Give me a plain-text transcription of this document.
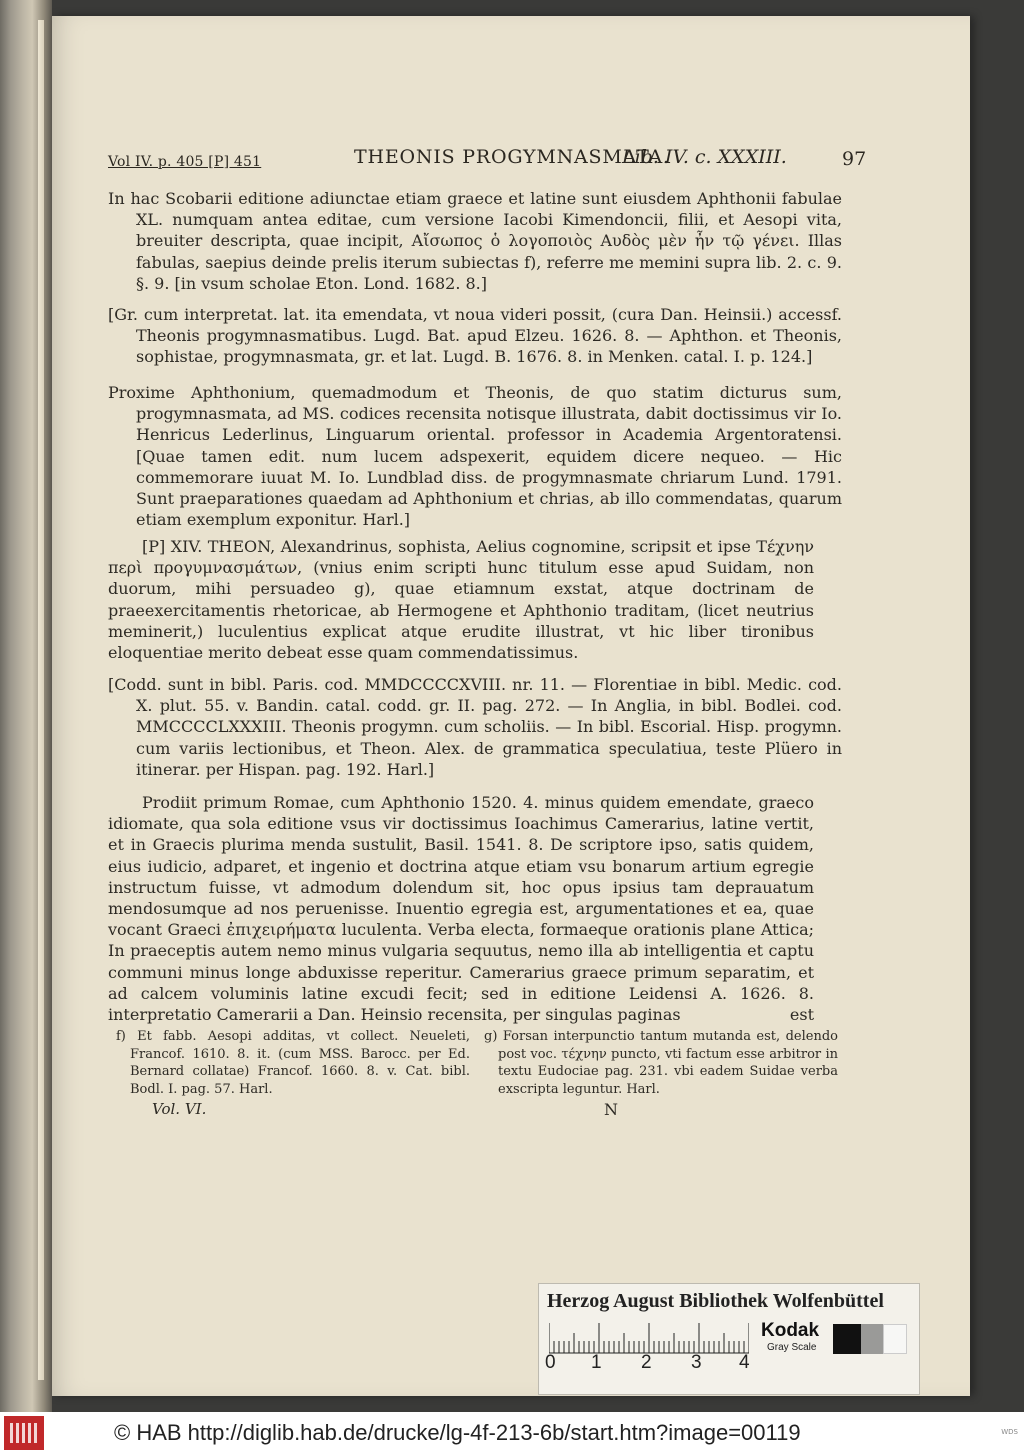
Vol IV. p. 405 [P] 451	THEONIS PROGYMNASMATA.
Lib. IV. c. XXXIII.	97

In hac Scobarii editione adiunctae etiam graece et latine sunt eiusdem Aphthonii fabulae XL. numquam antea editae, cum versione Iacobi Kimendoncii, filii, et Aesopi vita, breuiter descripta, quae incipit, Αἴσωπος ὁ λογοποιὸς Αυδὸς μὲν ἦν τῷ γένει. Illas fabulas, saepius deinde prelis iterum subiectas f), referre me memini supra lib. 2. c. 9. §. 9. [in vsum scholae Eton. Lond. 1682. 8.]

[Gr. cum interpretat. lat. ita emendata, vt noua videri possit, (cura Dan. Heinsii.) accessf. Theonis progymnasmatibus. Lugd. Bat. apud Elzeu. 1626. 8. — Aphthon. et Theonis, sophistae, progymnasmata, gr. et lat. Lugd. B. 1676. 8. in Menken. catal. I. p. 124.]

Proxime Aphthonium, quemadmodum et Theonis, de quo statim dicturus sum, progymnasmata, ad MS. codices recensita notisque illustrata, dabit doctissimus vir Io. Henricus Lederlinus, Linguarum oriental. professor in Academia Argentoratensi. [Quae tamen edit. num lucem adspexerit, equidem dicere nequeo. — Hic commemorare iuuat M. Io. Lundblad diss. de progymnasmate chriarum Lund. 1791. Sunt praeparationes quaedam ad Aphthonium et chrias, ab illo commendatas, quarum etiam exemplum exponitur. Harl.]

[P] XIV. THEON, Alexandrinus, sophista, Aelius cognomine, scripsit et ipse Τέχνην περὶ προγυμνασμάτων, (vnius enim scripti hunc titulum esse apud Suidam, non duorum, mihi persuadeo g), quae etiamnum exstat, atque doctrinam de praeexercitamentis rhetoricae, ab Hermogene et Aphthonio traditam, (licet neutrius meminerit,) luculentius explicat atque erudite illustrat, vt hic liber tironibus eloquentiae merito debeat esse quam commendatissimus.

[Codd. sunt in bibl. Paris. cod. MMDCCCCXVIII. nr. 11. — Florentiae in bibl. Medic. cod. X. plut. 55. v. Bandin. catal. codd. gr. II. pag. 272. — In Anglia, in bibl. Bodlei. cod. MMCCCCLXXXIII. Theonis progymn. cum scholiis. — In bibl. Escorial. Hisp. progymn. cum variis lectionibus, et Theon. Alex. de grammatica speculatiua, teste Plüero in itinerar. per Hispan. pag. 192. Harl.]

Prodiit primum Romae, cum Aphthonio 1520. 4. minus quidem emendate, graeco idiomate, qua sola editione vsus vir doctissimus Ioachimus Camerarius, latine vertit, et in Graecis plurima menda sustulit, Basil. 1541. 8. De scriptore ipso, satis quidem, eius iudicio, adparet, et ingenio et doctrina atque etiam vsu bonarum artium egregie instructum fuisse, vt admodum dolendum sit, hoc opus ipsius tam deprauatum mendosumque ad nos peruenisse. Inuentio egregia est, argumentationes et ea, quae vocant Graeci ἐπιχειρήματα luculenta. Verba electa, formaeque orationis plane Attica; In praeceptis autem nemo minus vulgaria sequutus, nemo illa ab intelligentia et captu communi minus longe abduxisse reperitur. Camerarius graece primum separatim, et ad calcem voluminis latine excudi fecit; sed in editione Leidensi A. 1626. 8. interpretatio Camerarii a Dan. Heinsio recensita, per singulas paginas	est

f) Et fabb. Aesopi additas, vt collect. Neueleti, Francof. 1610. 8. it. (cum MSS. Barocc. per Ed. Bernard collatae) Francof. 1660. 8. v. Cat. bibl. Bodl. I. pag. 57. Harl.
g) Forsan interpunctio tantum mutanda est, delendo post voc. τέχνην puncto, vti factum esse arbitror in textu Eudociae pag. 231. vbi eadem Suidae verba exscripta leguntur. Harl.
Vol. VI.	N
Herzog August Bibliothek Wolfenbüttel
0 1 2 3 4
Kodak
Gray Scale
© HAB http://diglib.hab.de/drucke/lg-4f-213-6b/start.htm?image=00119	WDS
